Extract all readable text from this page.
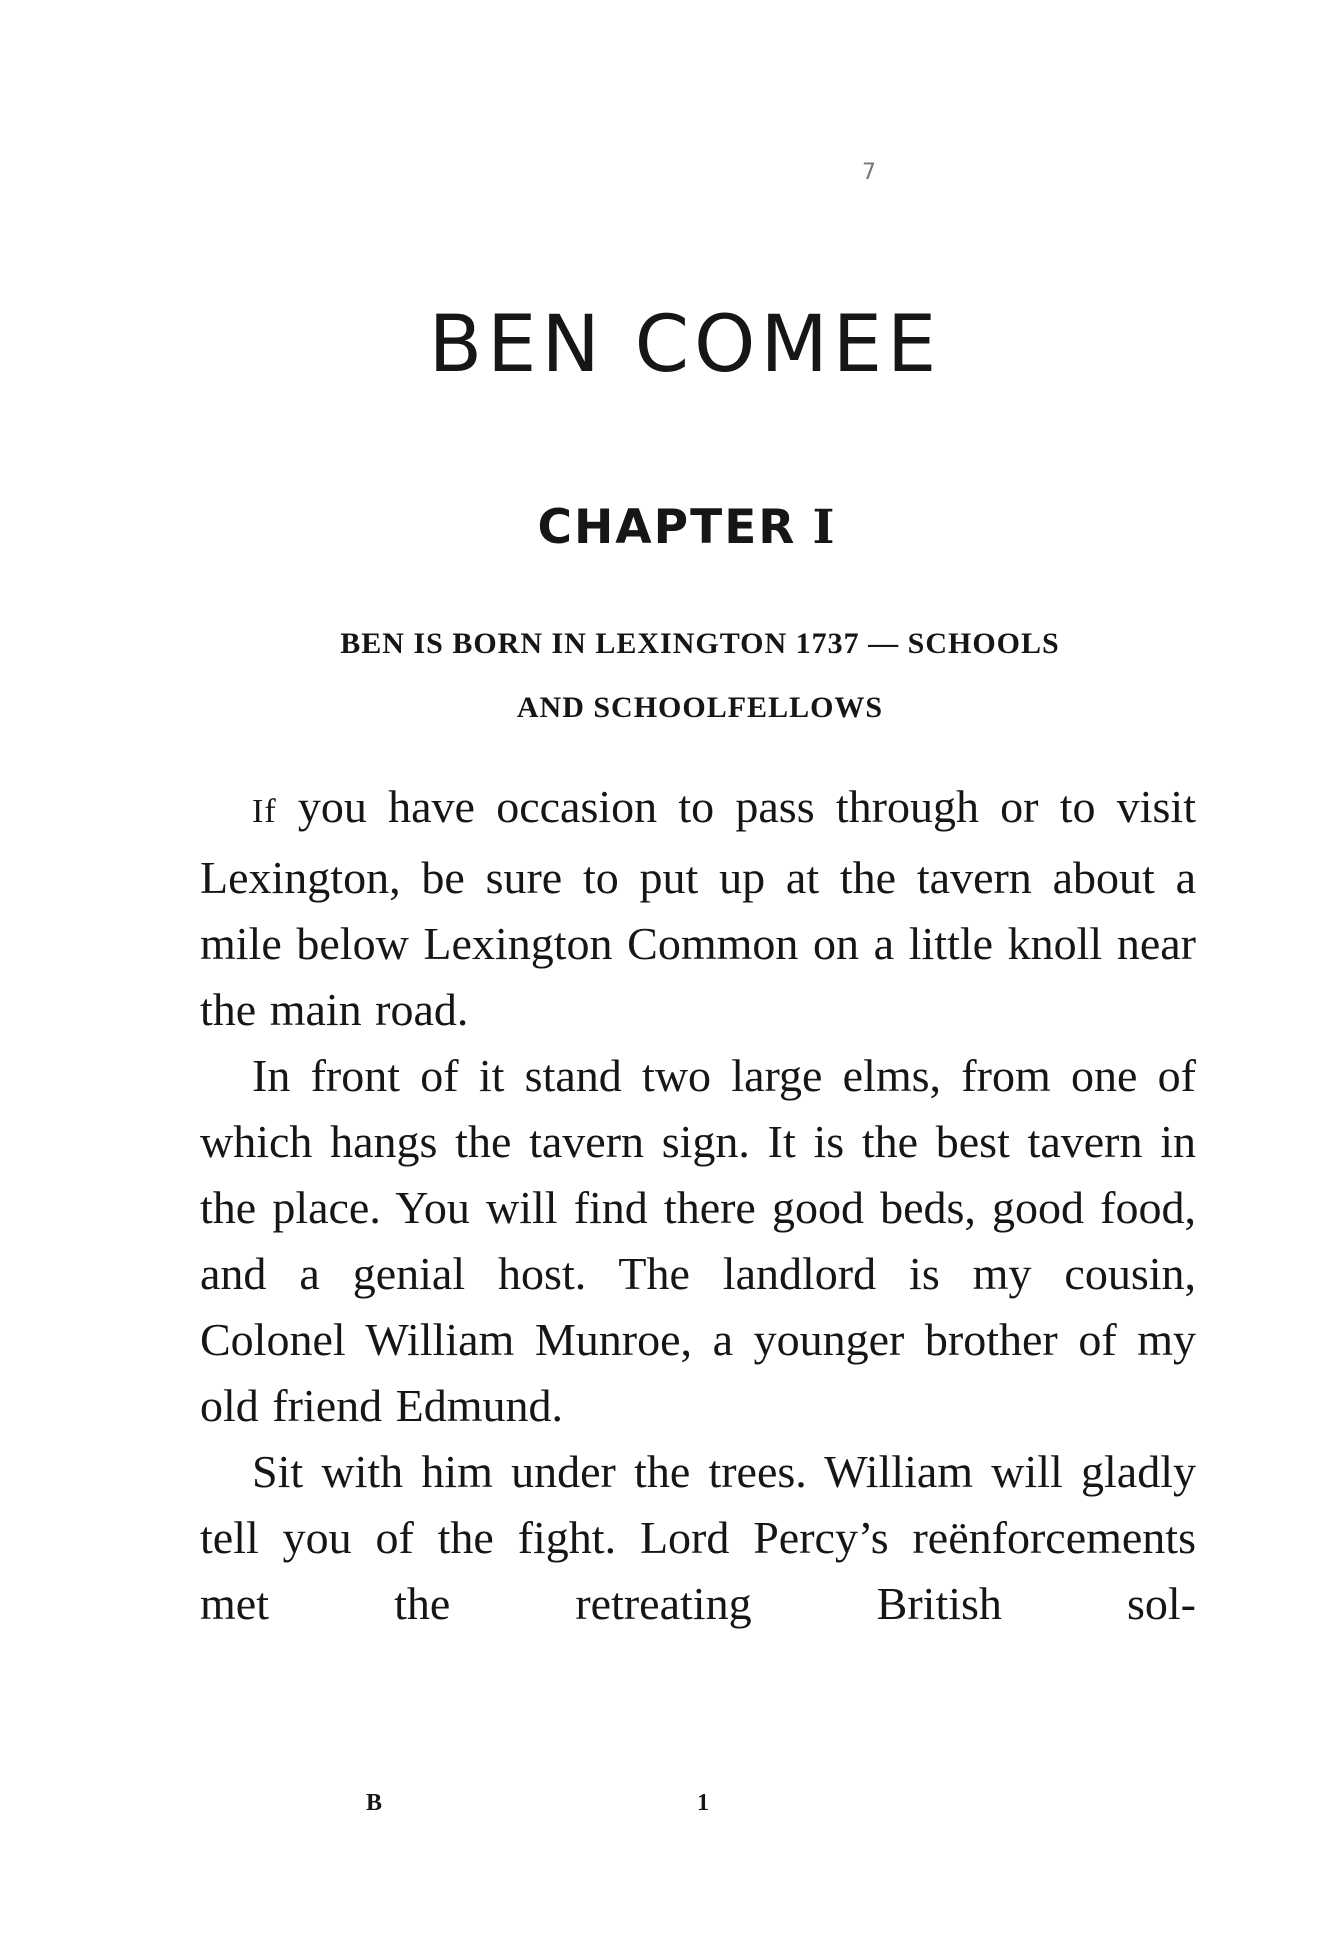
7
BEN COMEE
CHAPTER I
BEN IS BORN IN LEXINGTON 1737 — SCHOOLS
AND SCHOOLFELLOWS

If you have occasion to pass through or to visit Lexington, be sure to put up at the tavern about a mile below Lexington Common on a little knoll near the main road.

In front of it stand two large elms, from one of which hangs the tavern sign. It is the best tavern in the place. You will find there good beds, good food, and a genial host. The landlord is my cousin, Colonel William Munroe, a younger brother of my old friend Edmund.

Sit with him under the trees. William will gladly tell you of the fight. Lord Percy’s reënforcements met the retreating British sol-

B	1
